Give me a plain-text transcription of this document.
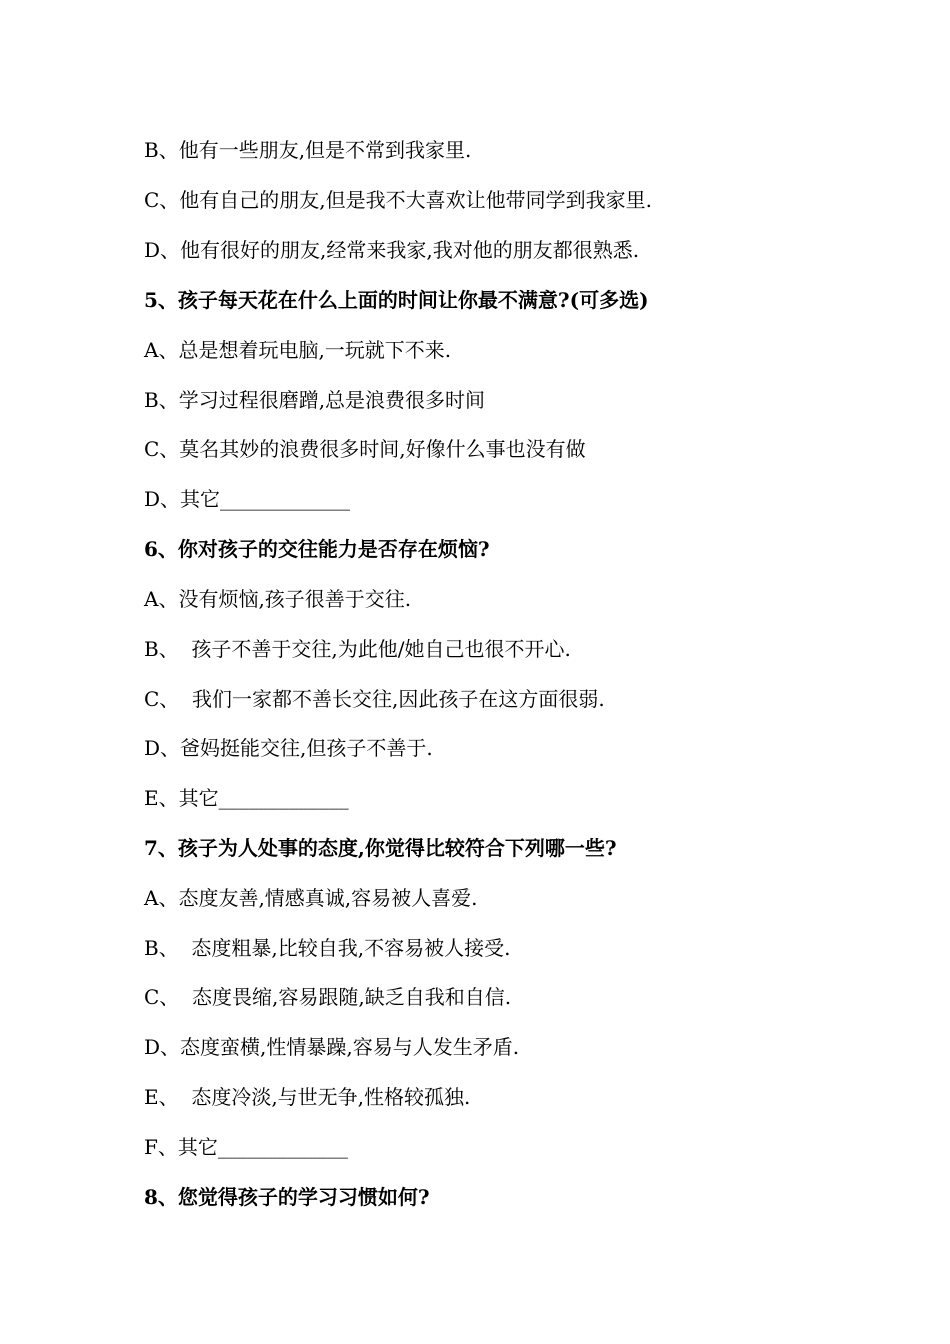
B、他有一些朋友,但是不常到我家里.
C、他有自己的朋友,但是我不大喜欢让他带同学到我家里.
D、他有很好的朋友,经常来我家,我对他的朋友都很熟悉.
5、孩子每天花在什么上面的时间让你最不满意?(可多选)
A、总是想着玩电脑,一玩就下不来.
B、学习过程很磨蹭,总是浪费很多时间
C、莫名其妙的浪费很多时间,好像什么事也没有做
D、其它_____________
6、你对孩子的交往能力是否存在烦恼?
A、没有烦恼,孩子很善于交往.
B、  孩子不善于交往,为此他/她自己也很不开心.
C、  我们一家都不善长交往,因此孩子在这方面很弱.
D、爸妈挺能交往,但孩子不善于.
E、其它_____________
7、孩子为人处事的态度,你觉得比较符合下列哪一些?
A、态度友善,情感真诚,容易被人喜爱.
B、  态度粗暴,比较自我,不容易被人接受.
C、  态度畏缩,容易跟随,缺乏自我和自信.
D、态度蛮横,性情暴躁,容易与人发生矛盾.
E、  态度冷淡,与世无争,性格较孤独.
F、其它_____________
8、您觉得孩子的学习习惯如何?
